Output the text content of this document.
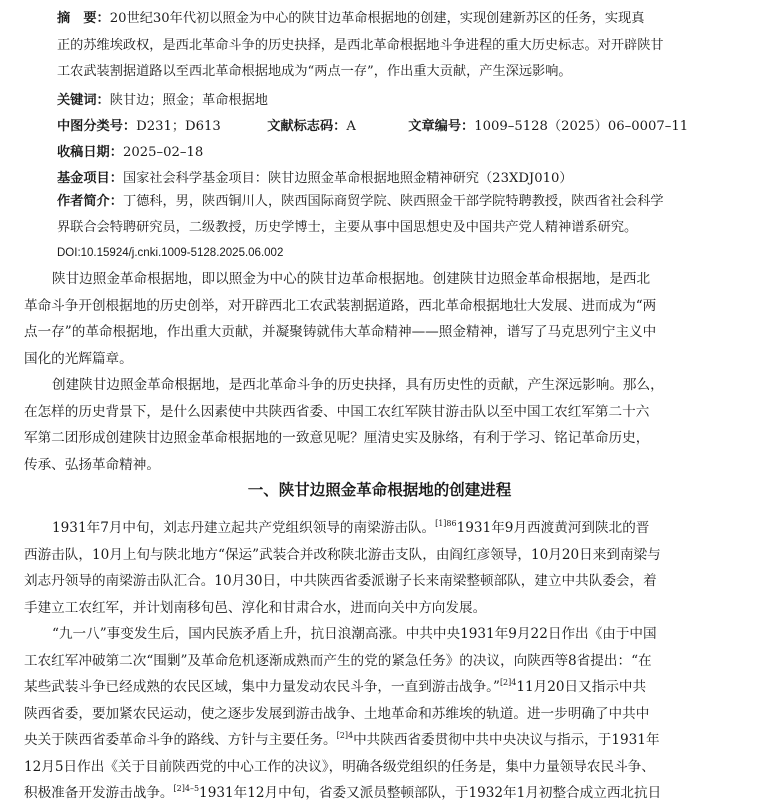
摘　要：20世纪30年代初以照金为中心的陕甘边革命根据地的创建，实现创建新苏区的任务，实现真
正的苏维埃政权，是西北革命斗争的历史抉择，是西北革命根据地斗争进程的重大历史标志。对开辟陕甘
工农武装割据道路以至西北革命根据地成为“两点一存”，作出重大贡献，产生深远影响。
关键词：陕甘边；照金；革命根据地
中图分类号：D231；D613	文献标志码：A	文章编号：1009–5128（2025）06–0007–11
收稿日期：2025–02–18
基金项目：国家社会科学基金项目：陕甘边照金革命根据地照金精神研究（23XDJ010）
作者简介：丁德科，男，陕西铜川人，陕西国际商贸学院、陕西照金干部学院特聘教授，陕西省社会科学
界联合会特聘研究员，二级教授，历史学博士，主要从事中国思想史及中国共产党人精神谱系研究。
DOI:10.15924/j.cnki.1009-5128.2025.06.002
陕甘边照金革命根据地，即以照金为中心的陕甘边革命根据地。创建陕甘边照金革命根据地，是西北
革命斗争开创根据地的历史创举，对开辟西北工农武装割据道路，西北革命根据地壮大发展、进而成为“两
点一存”的革命根据地，作出重大贡献，并凝聚铸就伟大革命精神——照金精神，谱写了马克思列宁主义中
国化的光辉篇章。
创建陕甘边照金革命根据地，是西北革命斗争的历史抉择，具有历史性的贡献，产生深远影响。那么，
在怎样的历史背景下，是什么因素使中共陕西省委、中国工农红军陕甘游击队以至中国工农红军第二十六
军第二团形成创建陕甘边照金革命根据地的一致意见呢？厘清史实及脉络，有利于学习、铭记革命历史，
传承、弘扬革命精神。
一、陕甘边照金革命根据地的创建进程
1931年7月中旬，刘志丹建立起共产党组织领导的南梁游击队。$^{[1]86}$1931年9月西渡黄河到陕北的晋
西游击队，10月上旬与陕北地方“保运”武装合并改称陕北游击支队，由阎红彦领导，10月20日来到南梁与
刘志丹领导的南梁游击队汇合。10月30日，中共陕西省委派谢子长来南梁整顿部队，建立中共队委会，着
手建立工农红军，并计划南移旬邑、淳化和甘肃合水，进而向关中方向发展。
“九一八”事变发生后，国内民族矛盾上升，抗日浪潮高涨。中共中央1931年9月22日作出《由于中国
工农红军冲破第二次“围剿”及革命危机逐渐成熟而产生的党的紧急任务》的决议，向陕西等8省提出：“在
某些武装斗争已经成熟的农民区域，集中力量发动农民斗争，一直到游击战争。”$^{[2]4}$11月20日又指示中共
陕西省委，要加紧农民运动，使之逐步发展到游击战争、土地革命和苏维埃的轨道。进一步明确了中共中
央关于陕西省委革命斗争的路线、方针与主要任务。$^{[2]4}$中共陕西省委贯彻中共中央决议与指示，于1931年
12月5日作出《关于目前陕西党的中心工作的决议》，明确各级党组织的任务是，集中力量领导农民斗争、
积极准备开发游击战争。$^{[2]4-5}$1931年12月中旬，省委又派员整顿部队，于1932年1月初整合成立西北抗日
